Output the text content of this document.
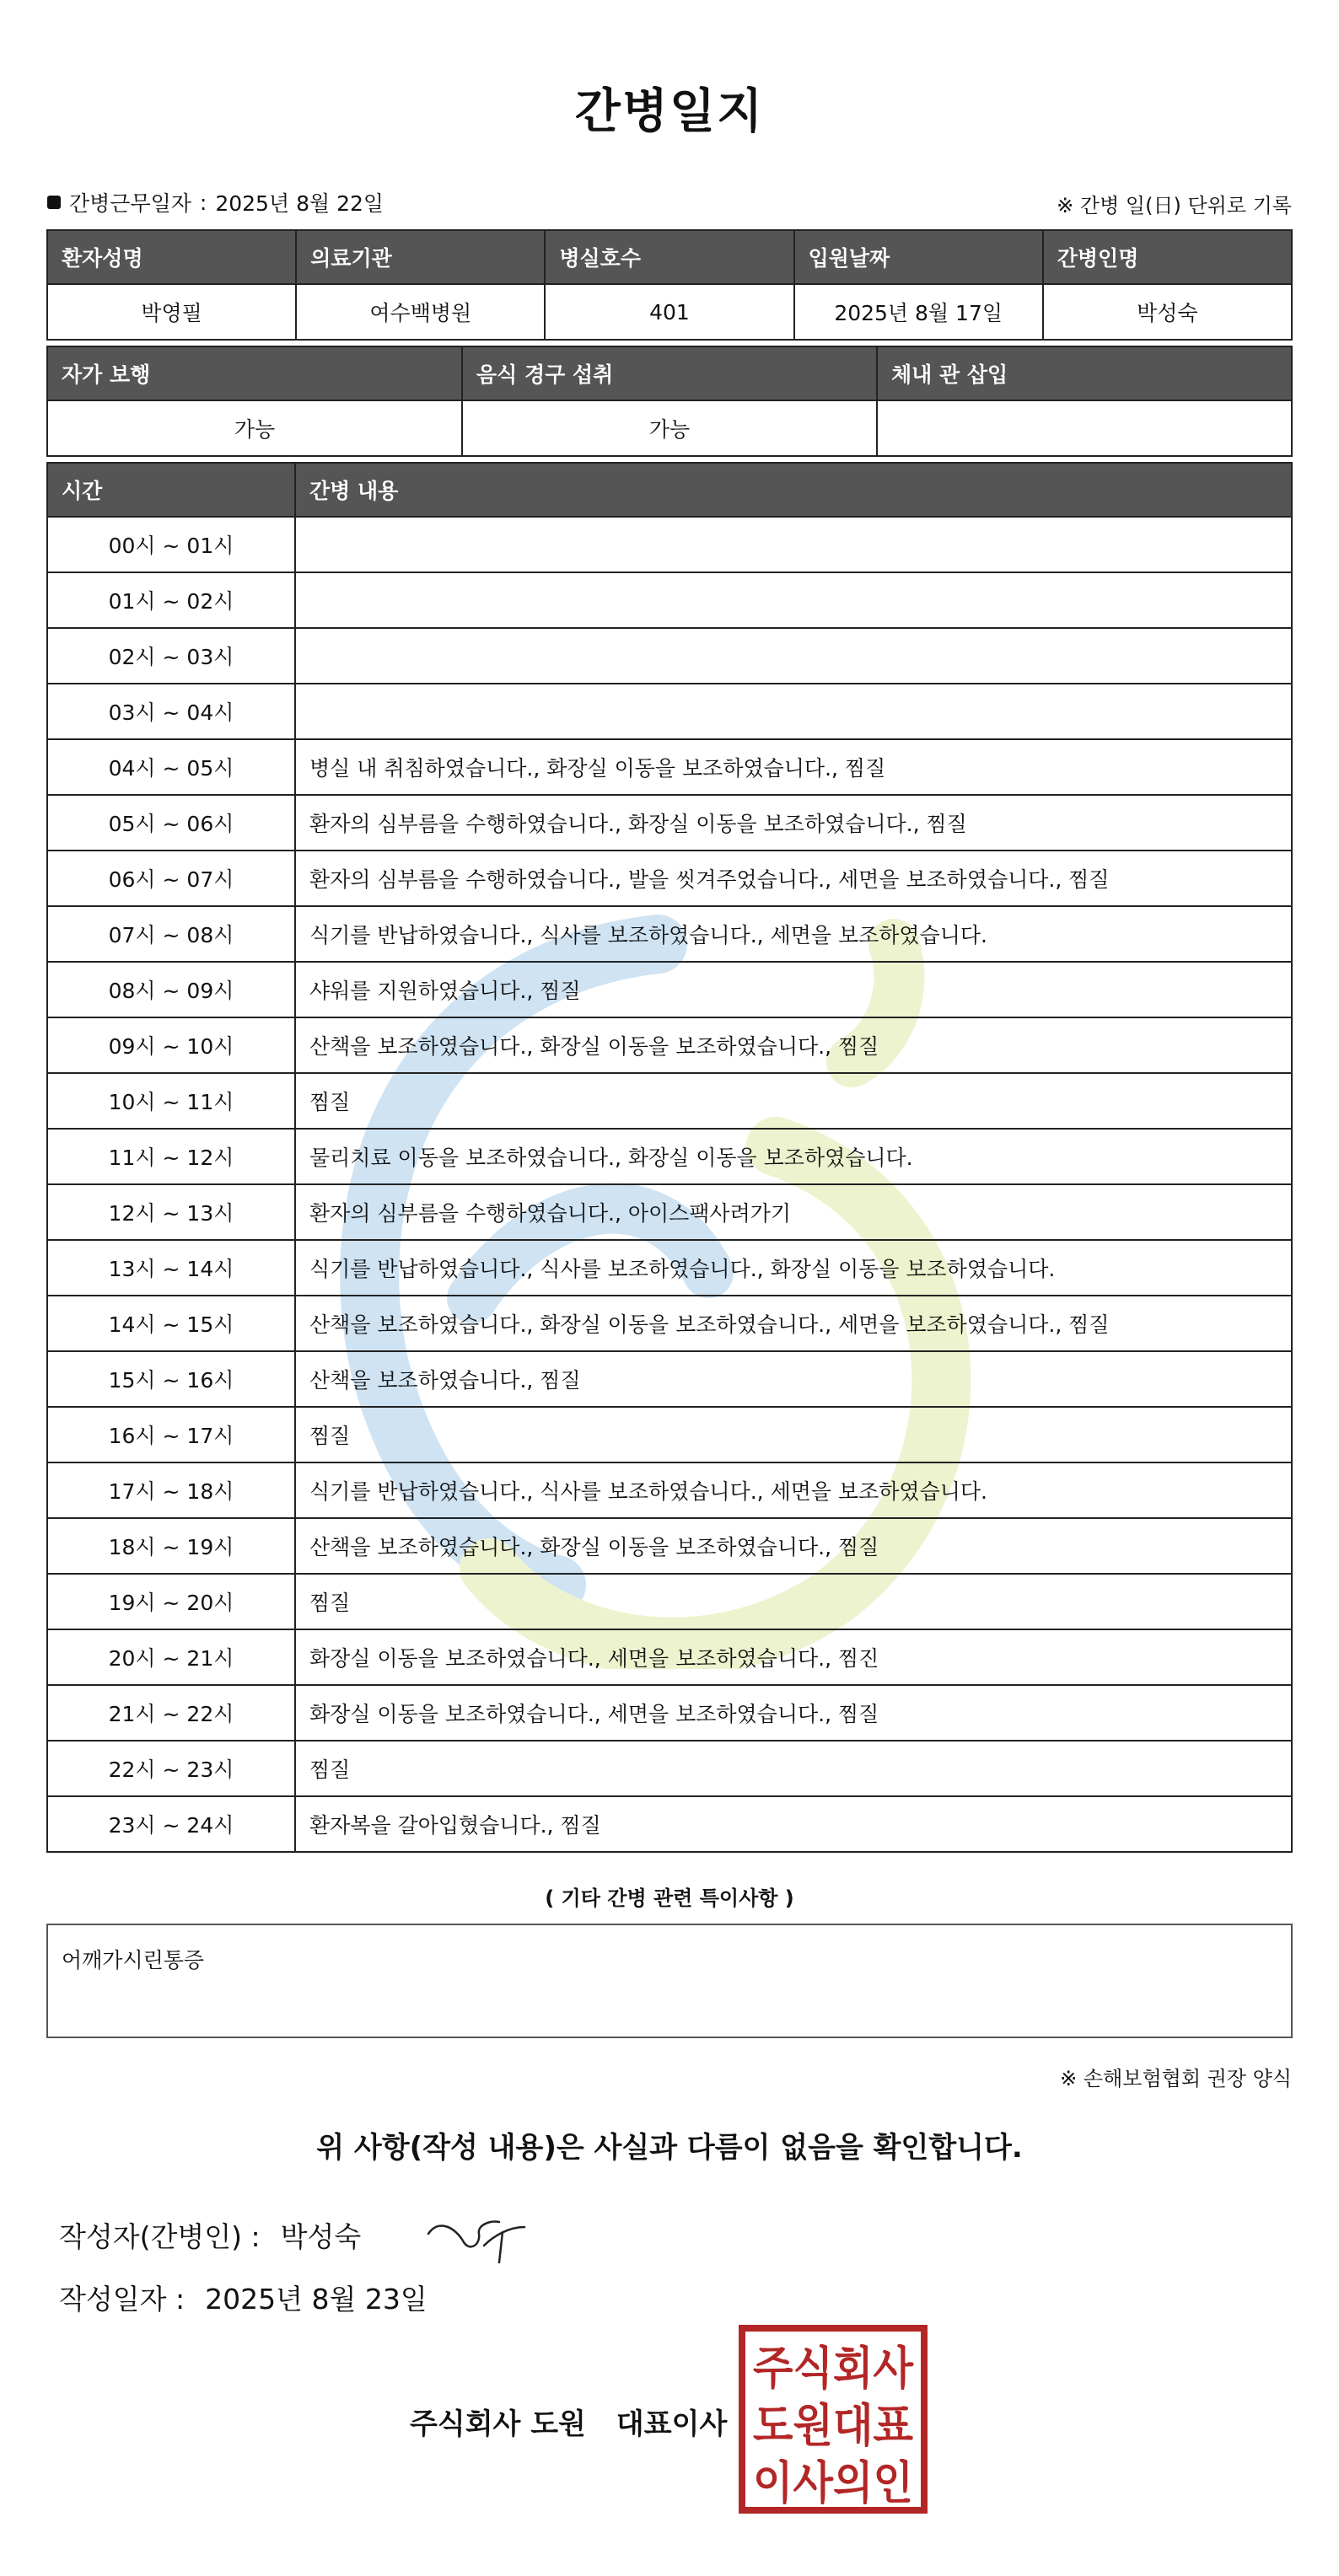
간병일지
간병근무일자 : 2025년 8월 22일	※ 간병 일(日) 단위로 기록
환자성명	의료기관	병실호수	입원날짜	간병인명
박영필	여수백병원	401	2025년 8월 17일	박성숙
자가 보행	음식 경구 섭취	체내 관 삽입
가능	가능	
시간	간병 내용
00시 ~ 01시	
01시 ~ 02시	
02시 ~ 03시	
03시 ~ 04시	
04시 ~ 05시	병실 내 취침하였습니다., 화장실 이동을 보조하였습니다., 찜질
05시 ~ 06시	환자의 심부름을 수행하였습니다., 화장실 이동을 보조하였습니다., 찜질
06시 ~ 07시	환자의 심부름을 수행하였습니다., 발을 씻겨주었습니다., 세면을 보조하였습니다., 찜질
07시 ~ 08시	식기를 반납하였습니다., 식사를 보조하였습니다., 세면을 보조하였습니다.
08시 ~ 09시	샤워를 지원하였습니다., 찜질
09시 ~ 10시	산책을 보조하였습니다., 화장실 이동을 보조하였습니다., 찜질
10시 ~ 11시	찜질
11시 ~ 12시	물리치료 이동을 보조하였습니다., 화장실 이동을 보조하였습니다.
12시 ~ 13시	환자의 심부름을 수행하였습니다., 아이스팩사려가기
13시 ~ 14시	식기를 반납하였습니다., 식사를 보조하였습니다., 화장실 이동을 보조하였습니다.
14시 ~ 15시	산책을 보조하였습니다., 화장실 이동을 보조하였습니다., 세면을 보조하였습니다., 찜질
15시 ~ 16시	산책을 보조하였습니다., 찜질
16시 ~ 17시	찜질
17시 ~ 18시	식기를 반납하였습니다., 식사를 보조하였습니다., 세면을 보조하였습니다.
18시 ~ 19시	산책을 보조하였습니다., 화장실 이동을 보조하였습니다., 찜질
19시 ~ 20시	찜질
20시 ~ 21시	화장실 이동을 보조하였습니다., 세면을 보조하였습니다., 찜진
21시 ~ 22시	화장실 이동을 보조하였습니다., 세면을 보조하였습니다., 찜질
22시 ~ 23시	찜질
23시 ~ 24시	환자복을 갈아입혔습니다., 찜질
( 기타 간병 관련 특이사항 )
어깨가시린통증
※ 손해보험협회 권장 양식
위 사항(작성 내용)은 사실과 다름이 없음을 확인합니다.
작성자(간병인) : 박성숙
작성일자 : 2025년 8월 23일
주식회사 도원 대표이사
주식회사
도원대표
이사의인
